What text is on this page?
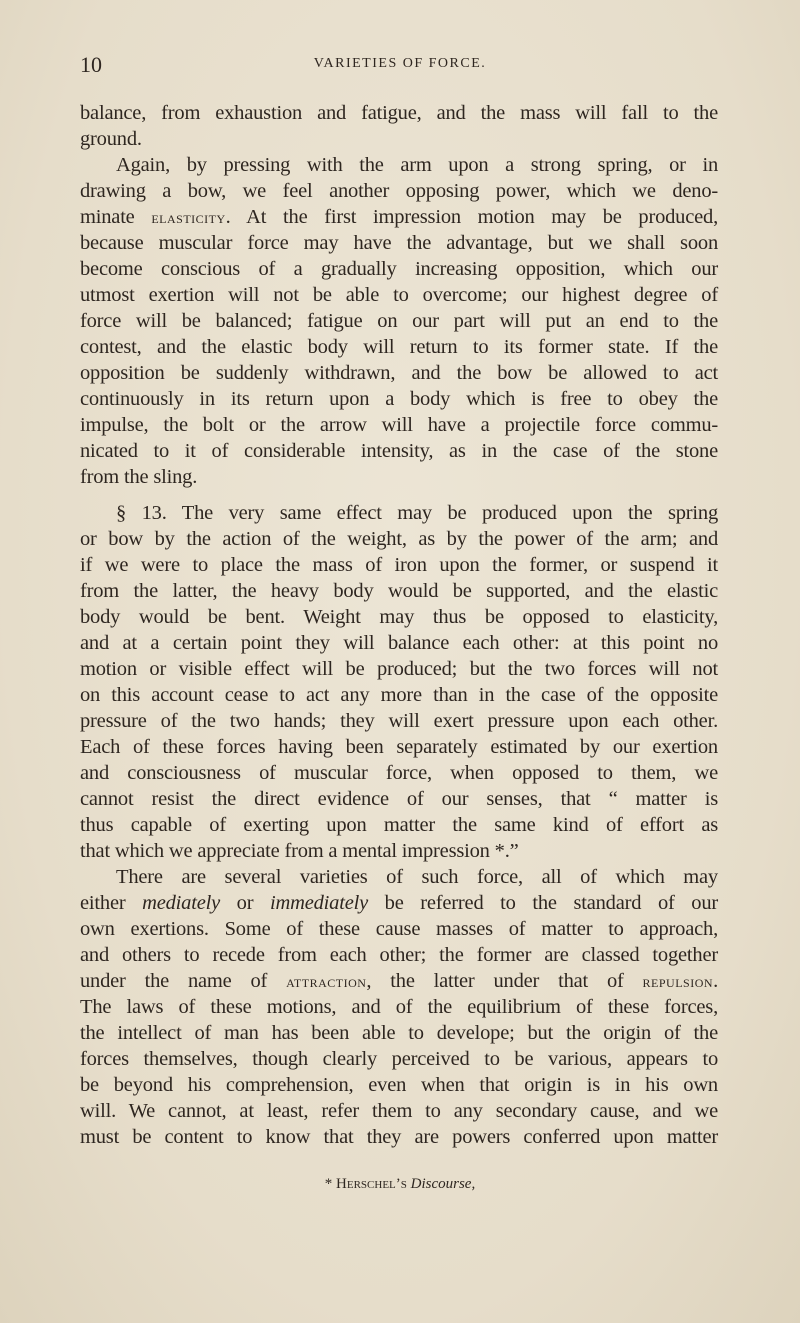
10	VARIETIES OF FORCE.
balance, from exhaustion and fatigue, and the mass will fall to the
ground.
Again, by pressing with the arm upon a strong spring, or in
drawing a bow, we feel another opposing power, which we deno-
minate elasticity. At the first impression motion may be produced,
because muscular force may have the advantage, but we shall soon
become conscious of a gradually increasing opposition, which our
utmost exertion will not be able to overcome; our highest degree of
force will be balanced; fatigue on our part will put an end to the
contest, and the elastic body will return to its former state. If the
opposition be suddenly withdrawn, and the bow be allowed to act
continuously in its return upon a body which is free to obey the
impulse, the bolt or the arrow will have a projectile force commu-
nicated to it of considerable intensity, as in the case of the stone
from the sling.
§ 13. The very same effect may be produced upon the spring
or bow by the action of the weight, as by the power of the arm; and
if we were to place the mass of iron upon the former, or suspend it
from the latter, the heavy body would be supported, and the elastic
body would be bent. Weight may thus be opposed to elasticity,
and at a certain point they will balance each other: at this point no
motion or visible effect will be produced; but the two forces will not
on this account cease to act any more than in the case of the opposite
pressure of the two hands; they will exert pressure upon each other.
Each of these forces having been separately estimated by our exertion
and consciousness of muscular force, when opposed to them, we
cannot resist the direct evidence of our senses, that “ matter is
thus capable of exerting upon matter the same kind of effort as
that which we appreciate from a mental impression *.”
There are several varieties of such force, all of which may
either mediately or immediately be referred to the standard of our
own exertions. Some of these cause masses of matter to approach,
and others to recede from each other; the former are classed together
under the name of attraction, the latter under that of repulsion.
The laws of these motions, and of the equilibrium of these forces,
the intellect of man has been able to develope; but the origin of the
forces themselves, though clearly perceived to be various, appears to
be beyond his comprehension, even when that origin is in his own
will. We cannot, at least, refer them to any secondary cause, and we
must be content to know that they are powers conferred upon matter
* Herschel’s Discourse,
